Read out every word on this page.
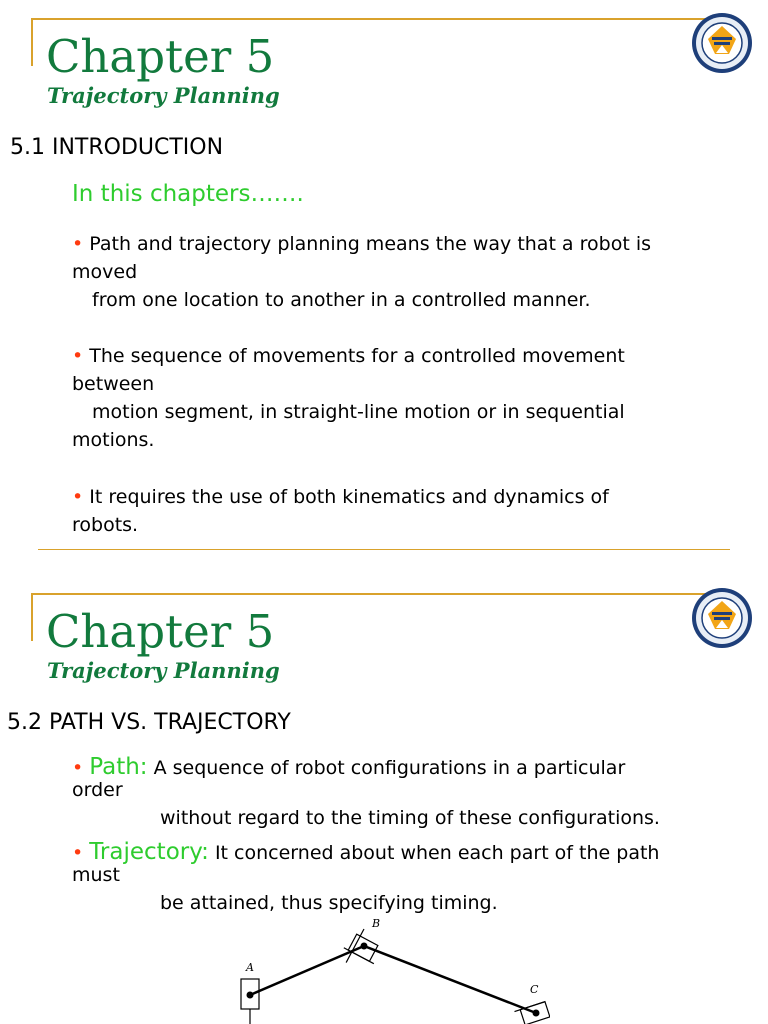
Chapter 5
Trajectory Planning
5.1 INTRODUCTION
In this chapters…….
• Path and trajectory planning means the way that a robot is
moved
from one location to another in a controlled manner.
• The sequence of movements for a controlled movement
between
motion segment, in straight-line motion or in sequential
motions.
• It requires the use of both kinematics and dynamics of
robots.
Chapter 5
Trajectory Planning
5.2 PATH VS. TRAJECTORY
• Path: A sequence of robot configurations in a particular
order
without regard to the timing of these configurations.
• Trajectory: It concerned about when each part of the path
must
be attained, thus specifying timing.
A
B
C
